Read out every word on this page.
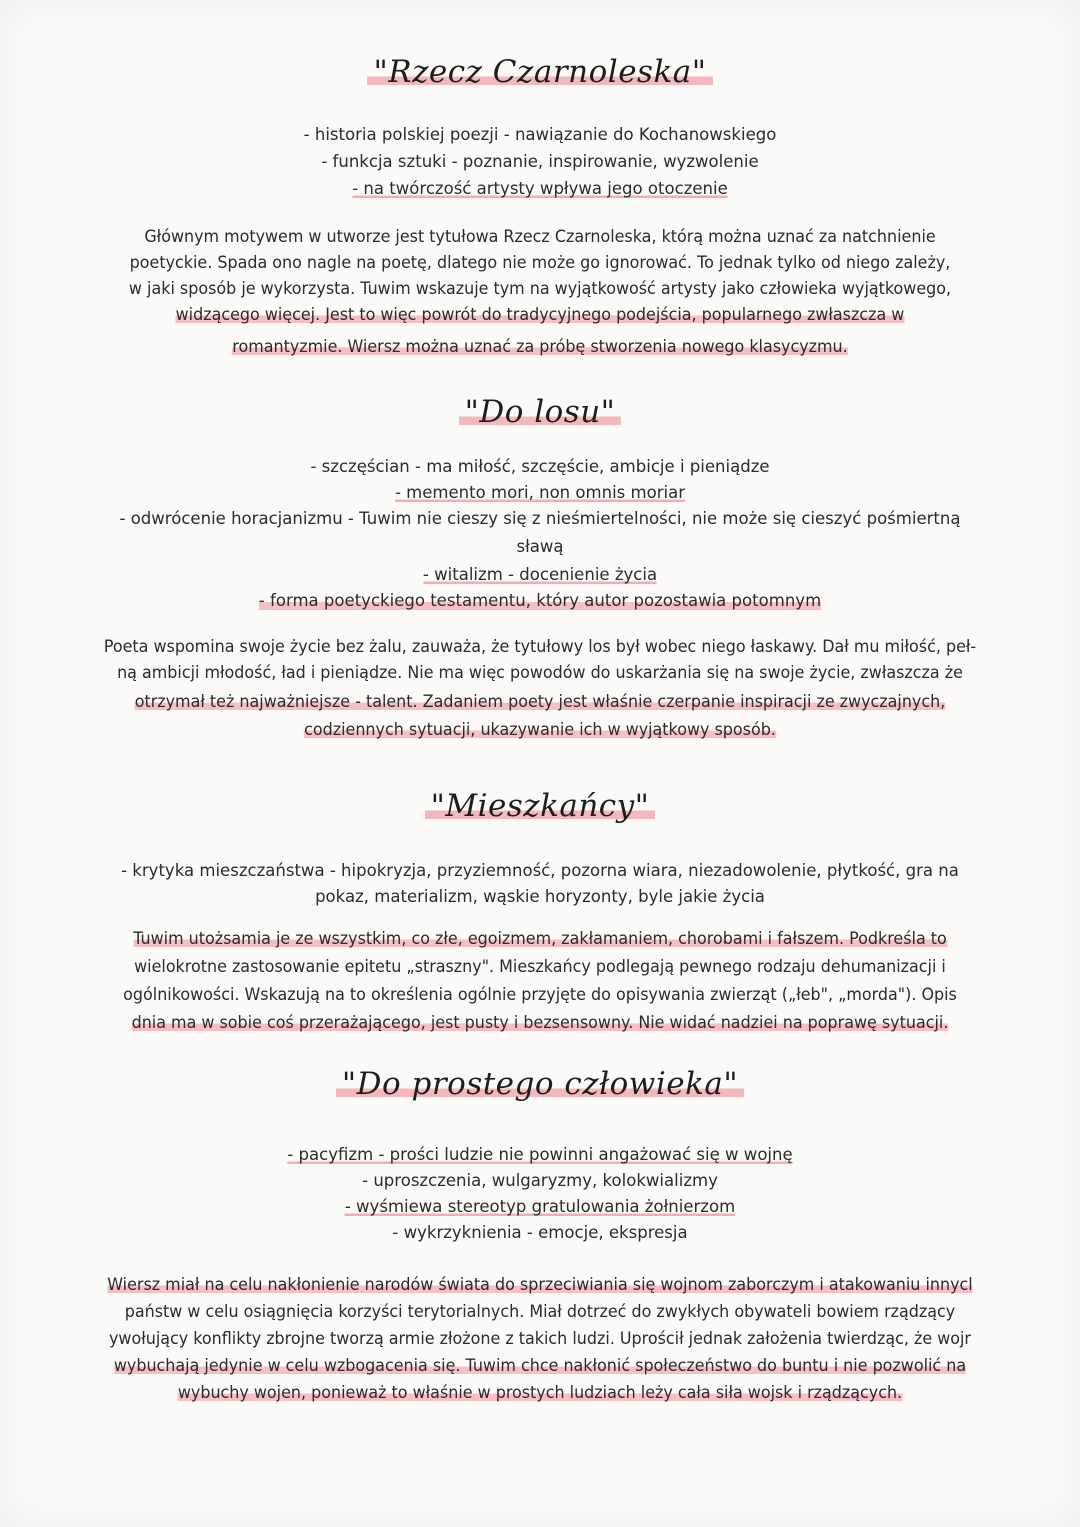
"Rzecz Czarnoleska"
- historia polskiej poezji - nawiązanie do Kochanowskiego
- funkcja sztuki - poznanie, inspirowanie, wyzwolenie
- na twórczość artysty wpływa jego otoczenie
Głównym motywem w utworze jest tytułowa Rzecz Czarnoleska, którą można uznać za natchnienie
poetyckie. Spada ono nagle na poetę, dlatego nie może go ignorować. To jednak tylko od niego zależy,
w jaki sposób je wykorzysta. Tuwim wskazuje tym na wyjątkowość artysty jako człowieka wyjątkowego,
widzącego więcej. Jest to więc powrót do tradycyjnego podejścia, popularnego zwłaszcza w
romantyzmie. Wiersz można uznać za próbę stworzenia nowego klasycyzmu.
"Do losu"
- szczęścian - ma miłość, szczęście, ambicje i pieniądze
- memento mori, non omnis moriar
- odwrócenie horacjanizmu - Tuwim nie cieszy się z nieśmiertelności, nie może się cieszyć pośmiertną
sławą
- witalizm - docenienie życia
- forma poetyckiego testamentu, który autor pozostawia potomnym
Poeta wspomina swoje życie bez żalu, zauważa, że tytułowy los był wobec niego łaskawy. Dał mu miłość, peł-
ną ambicji młodość, ład i pieniądze. Nie ma więc powodów do uskarżania się na swoje życie, zwłaszcza że
otrzymał też najważniejsze - talent. Zadaniem poety jest właśnie czerpanie inspiracji ze zwyczajnych,
codziennych sytuacji, ukazywanie ich w wyjątkowy sposób.
"Mieszkańcy"
- krytyka mieszczaństwa - hipokryzja, przyziemność, pozorna wiara, niezadowolenie, płytkość, gra na
pokaz, materializm, wąskie horyzonty, byle jakie życia
Tuwim utożsamia je ze wszystkim, co złe, egoizmem, zakłamaniem, chorobami i fałszem. Podkreśla to
wielokrotne zastosowanie epitetu „straszny". Mieszkańcy podlegają pewnego rodzaju dehumanizacji i
ogólnikowości. Wskazują na to określenia ogólnie przyjęte do opisywania zwierząt („łeb", „morda"). Opis
dnia ma w sobie coś przerażającego, jest pusty i bezsensowny. Nie widać nadziei na poprawę sytuacji.
"Do prostego człowieka"
- pacyfizm - prości ludzie nie powinni angażować się w wojnę
- uproszczenia, wulgaryzmy, kolokwializmy
- wyśmiewa stereotyp gratulowania żołnierzom
- wykrzyknienia - emocje, ekspresja
Wiersz miał na celu nakłonienie narodów świata do sprzeciwiania się wojnom zaborczym i atakowaniu innycl
państw w celu osiągnięcia korzyści terytorialnych. Miał dotrzeć do zwykłych obywateli bowiem rządzący
ywołujący konflikty zbrojne tworzą armie złożone z takich ludzi. Uprościł jednak założenia twierdząc, że wojr
wybuchają jedynie w celu wzbogacenia się. Tuwim chce nakłonić społeczeństwo do buntu i nie pozwolić na
wybuchy wojen, ponieważ to właśnie w prostych ludziach leży cała siła wojsk i rządzących.
